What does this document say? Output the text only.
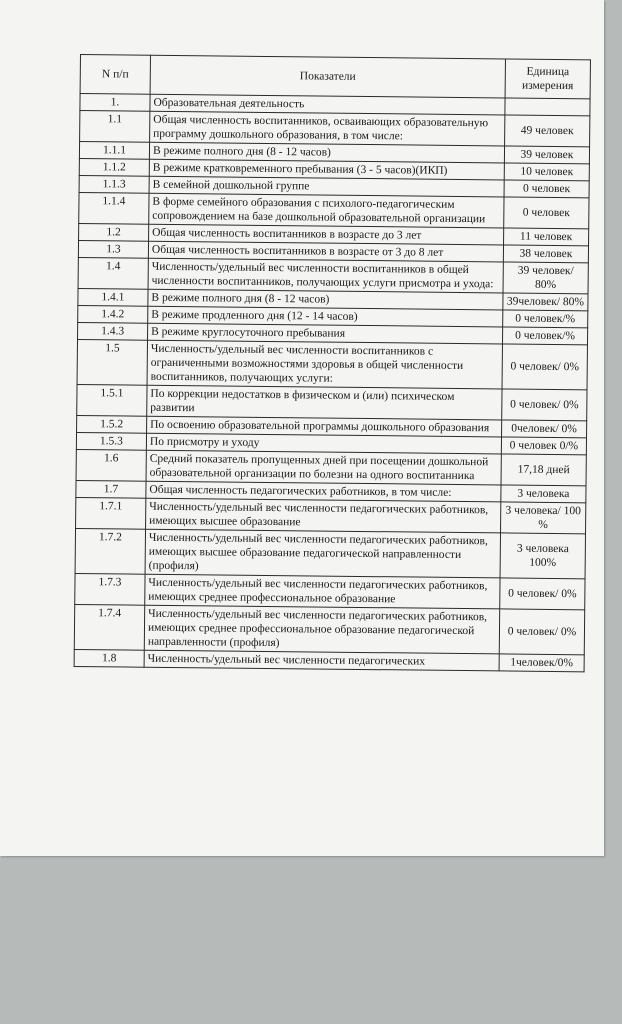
N п/п	Показатели	Единица измерения
1.	Образовательная деятельность	
1.1	Общая численность воспитанников, осваивающих образовательную программу дошкольного образования, в том числе:	49 человек
1.1.1	В режиме полного дня (8 - 12 часов)	39 человек
1.1.2	В режиме кратковременного пребывания (3 - 5 часов)(ИКП)	10 человек
1.1.3	В семейной дошкольной группе	0 человек
1.1.4	В форме семейного образования с психолого-педагогическим сопровождением на базе дошкольной образовательной организации	0 человек
1.2	Общая численность воспитанников в возрасте до 3 лет	11 человек
1.3	Общая численность воспитанников в возрасте от 3 до 8 лет	38 человек
1.4	Численность/удельный вес численности воспитанников в общей численности воспитанников, получающих услуги присмотра и ухода:	39 человек/ 80%
1.4.1	В режиме полного дня (8 - 12 часов)	39человек/ 80%
1.4.2	В режиме продленного дня (12 - 14 часов)	0 человек/%
1.4.3	В режиме круглосуточного пребывания	0 человек/%
1.5	Численность/удельный вес численности воспитанников с ограниченными возможностями здоровья в общей численности воспитанников, получающих услуги:	0 человек/ 0%
1.5.1	По коррекции недостатков в физическом и (или) психическом развитии	0 человек/ 0%
1.5.2	По освоению образовательной программы дошкольного образования	0человек/ 0%
1.5.3	По присмотру и уходу	0 человек 0/%
1.6	Средний показатель пропущенных дней при посещении дошкольной образовательной организации по болезни на одного воспитанника	17,18 дней
1.7	Общая численность педагогических работников, в том числе:	3 человека
1.7.1	Численность/удельный вес численности педагогических работников, имеющих высшее образование	3 человека/ 100 %
1.7.2	Численность/удельный вес численности педагогических работников, имеющих высшее образование педагогической направленности (профиля)	3 человека 100%
1.7.3	Численность/удельный вес численности педагогических работников, имеющих среднее профессиональное образование	0 человек/ 0%
1.7.4	Численность/удельный вес численности педагогических работников, имеющих среднее профессиональное образование педагогической направленности (профиля)	0 человек/ 0%
1.8	Численность/удельный вес численности педагогических	1человек/0%
